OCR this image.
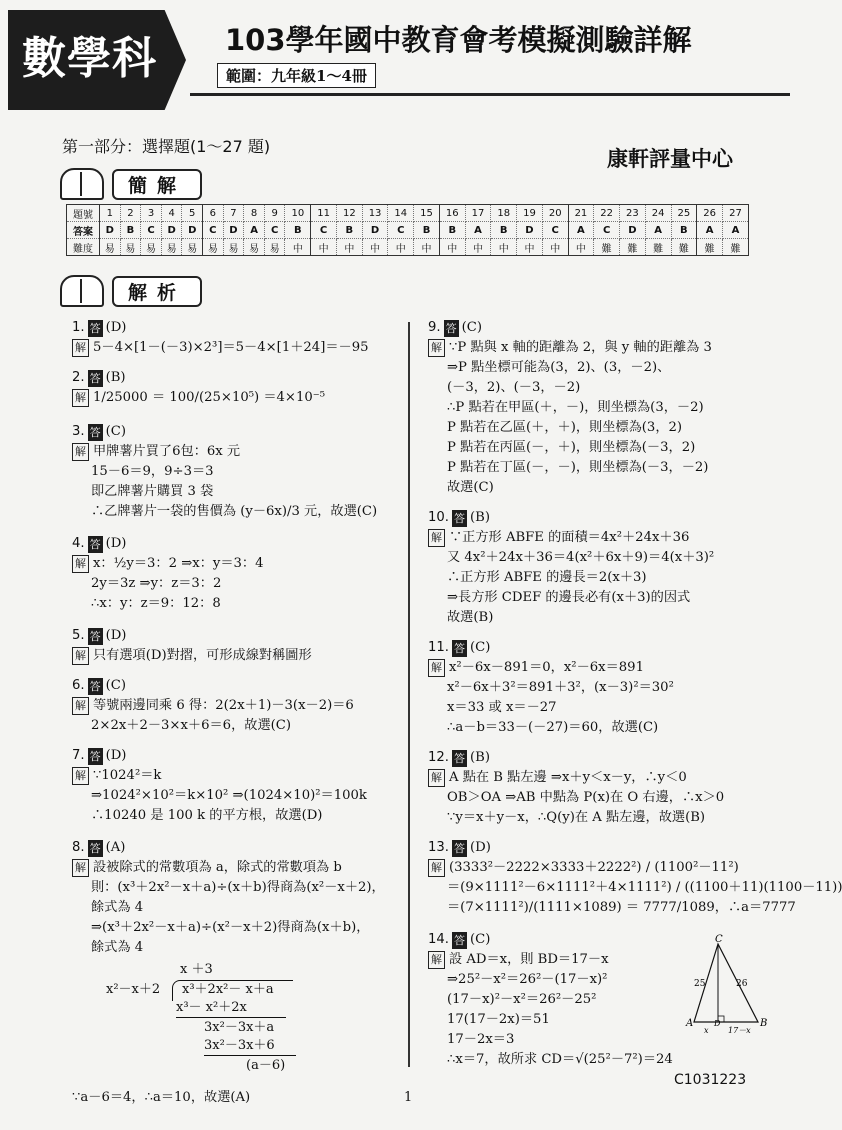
數學科 103學年國中教育會考模擬測驗詳解
範圍：九年級1～4冊
第一部分：選擇題(1～27 題)
康軒評量中心
簡解
題號	1	2	3	4	5	6	7	8	9	10	11	12	13	14	15	16	17	18	19	20	21	22	23	24	25	26	27
答案	D	B	C	D	D	C	D	A	C	B	C	B	D	C	B	B	A	B	D	C	A	C	D	A	B	A	A
難度	易	易	易	易	易	易	易	易	易	中	中	中	中	中	中	中	中	中	中	中	中	難	難	難	難	難	難
解析
1. 答 (D)
解 5－4×[1－(－3)×2³]＝5－4×[1＋24]＝－95
2. 答 (B)
解 1/25000 ＝ 100/(25×10⁵) ＝4×10⁻⁵
3. 答 (C)
解 甲牌薯片買了6包：6x 元
15－6＝9，9÷3＝3
即乙牌薯片購買 3 袋
∴乙牌薯片一袋的售價為 (y－6x)/3 元，故選(C)
4. 答 (D)
解 x：½y＝3：2 ⇒x：y＝3：4
2y＝3z ⇒y：z＝3：2
∴x：y：z＝9：12：8
5. 答 (D)
解 只有選項(D)對摺，可形成線對稱圖形
6. 答 (C)
解 等號兩邊同乘 6 得：2(2x＋1)－3(x－2)＝6
2×2x＋2－3×x＋6＝6，故選(C)
7. 答 (D)
解 ∵1024²＝k
⇒1024²×10²＝k×10² ⇒(1024×10)²＝100k
∴10240 是 100 k 的平方根，故選(D)
8. 答 (A)
解 設被除式的常數項為 a，除式的常數項為 b
則：(x³＋2x²－x＋a)÷(x＋b)得商為(x²－x＋2)，
餘式為 4
⇒(x³＋2x²－x＋a)÷(x²－x＋2)得商為(x＋b)，
餘式為 4
x ＋3
x²－x＋2 x³＋2x²－ x＋a
x³－ x²＋2x
3x²－3x＋a
3x²－3x＋6
(a－6)
∵a－6＝4，∴a＝10，故選(A)
9. 答 (C)
解 ∵P 點與 x 軸的距離為 2，與 y 軸的距離為 3
⇒P 點坐標可能為(3，2)、(3，－2)、
(－3，2)、(－3，－2)
∴P 點若在甲區(＋，－)，則坐標為(3，－2)
P 點若在乙區(＋，＋)，則坐標為(3，2)
P 點若在丙區(－，＋)，則坐標為(－3，2)
P 點若在丁區(－，－)，則坐標為(－3，－2)
故選(C)
10. 答 (B)
解 ∵正方形 ABFE 的面積＝4x²＋24x＋36
又 4x²＋24x＋36＝4(x²＋6x＋9)＝4(x＋3)²
∴正方形 ABFE 的邊長＝2(x＋3)
⇒長方形 CDEF 的邊長必有(x＋3)的因式
故選(B)
11. 答 (C)
解 x²－6x－891＝0，x²－6x＝891
x²－6x＋3²＝891＋3²，(x－3)²＝30²
x＝33 或 x＝－27
∴a－b＝33－(－27)＝60，故選(C)
12. 答 (B)
解 A 點在 B 點左邊 ⇒x＋y＜x－y，∴y＜0
OB＞OA ⇒AB 中點為 P(x)在 O 右邊，∴x＞0
∵y＝x＋y－x，∴Q(y)在 A 點左邊，故選(B)
13. 答 (D)
解 (3333²－2222×3333＋2222²) / (1100²－11²)
＝(9×1111²－6×1111²＋4×1111²) / ((1100＋11)(1100－11))
＝(7×1111²)/(1111×1089) ＝ 7777/1089，∴a＝7777
14. 答 (C)
解 設 AD＝x，則 BD＝17－x
⇒25²－x²＝26²－(17－x)²
(17－x)²－x²＝26²－25²
17(17－2x)＝51
17－2x＝3
∴x＝7，故所求 CD＝√(25²－7²)＝24
C
A	B
D
25	26
x 17－x
C1031223
1
